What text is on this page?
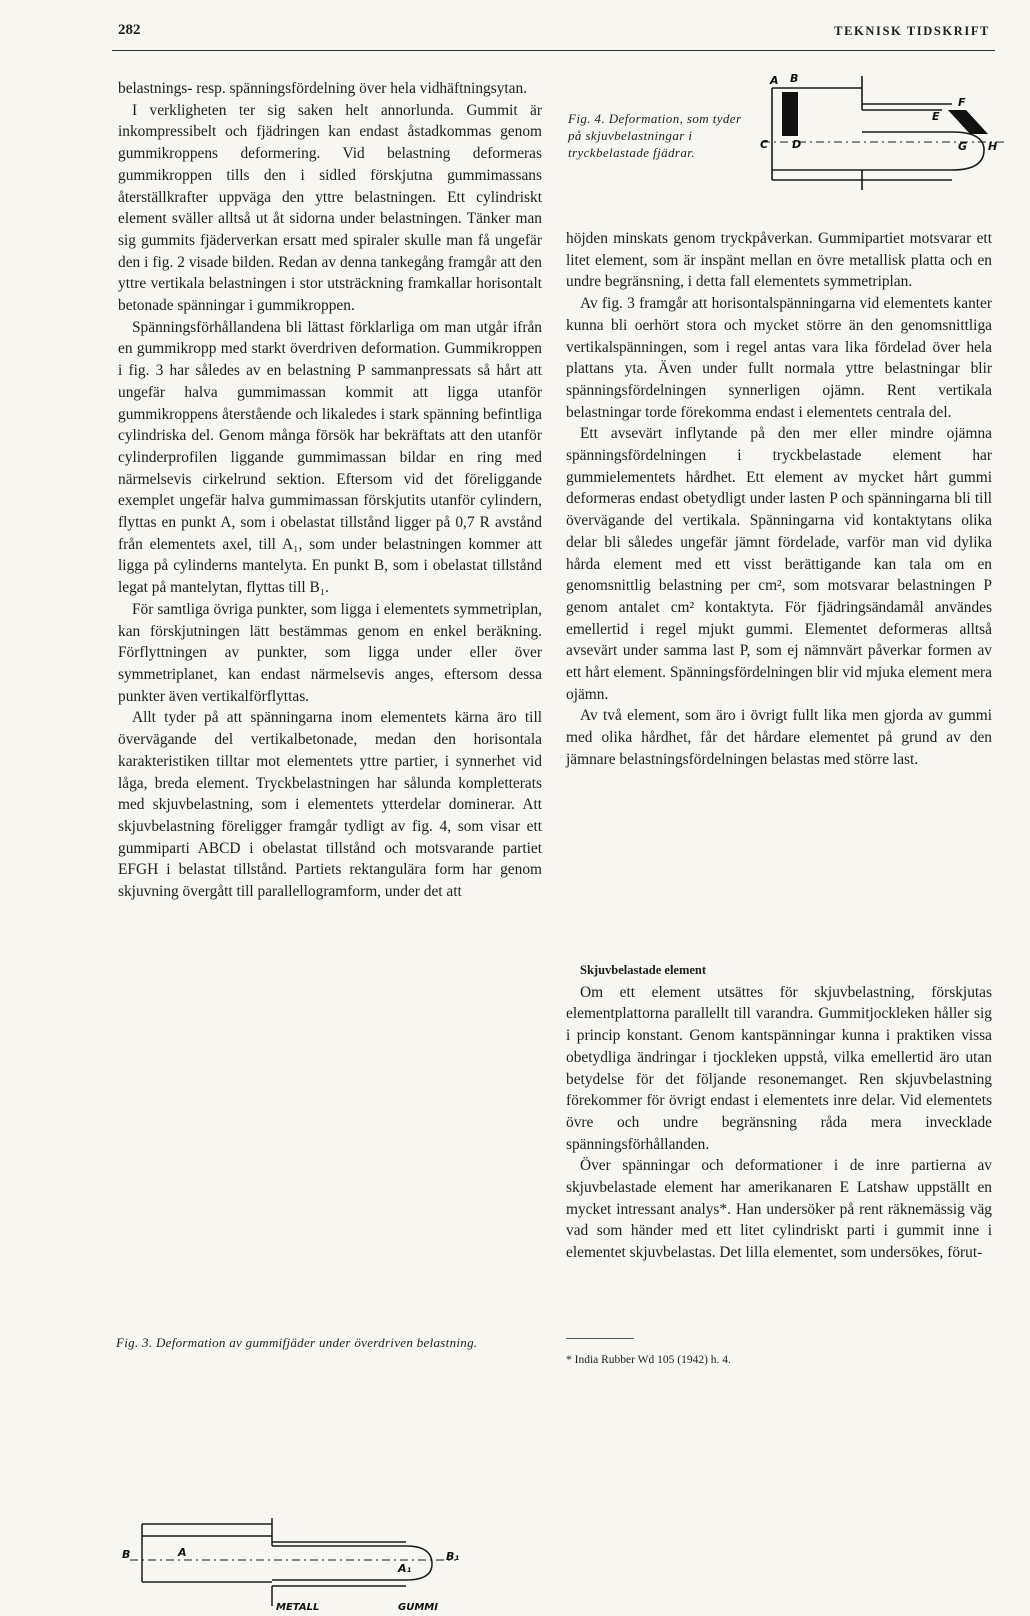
282	TEKNISK TIDSKRIFT

belastnings- resp. spänningsfördelning över hela vidhäftningsytan.

I verkligheten ter sig saken helt annorlunda. Gummit är inkompressibelt och fjädringen kan endast åstadkommas genom gummikroppens deformering. Vid belastning deformeras gummikroppen tills den i sidled förskjutna gummimassans återställkrafter uppväga den yttre belastningen. Ett cylindriskt element sväller alltså ut åt sidorna under belastningen. Tänker man sig gummits fjäderverkan ersatt med spiraler skulle man få ungefär den i fig. 2 visade bilden. Redan av denna tankegång framgår att den yttre vertikala belastningen i stor utsträckning framkallar horisontalt betonade spänningar i gummikroppen.

Spänningsförhållandena bli lättast förklarliga om man utgår ifrån en gummikropp med starkt överdriven deformation. Gummikroppen i fig. 3 har således av en belastning P sammanpressats så hårt att ungefär halva gummimassan kommit att ligga utanför gummikroppens återstående och likaledes i stark spänning befintliga cylindriska del. Genom många försök har bekräftats att den utanför cylinderprofilen liggande gummimassan bildar en ring med närmelsevis cirkelrund sektion. Eftersom vid det föreliggande exemplet ungefär halva gummimassan förskjutits utanför cylindern, flyttas en punkt A, som i obelastat tillstånd ligger på 0,7 R avstånd från elementets axel, till A₁, som under belastningen kommer att ligga på cylinderns mantelyta. En punkt B, som i obelastat tillstånd legat på mantelytan, flyttas till B₁.

För samtliga övriga punkter, som ligga i elementets symmetriplan, kan förskjutningen lätt bestämmas genom en enkel beräkning. Förflyttningen av punkter, som ligga under eller över symmetriplanet, kan endast närmelsevis anges, eftersom dessa punkter även vertikalförflyttas.

Allt tyder på att spänningarna inom elementets kärna äro till övervägande del vertikalbetonade, medan den horisontala karakteristiken tilltar mot elementets yttre partier, i synnerhet vid låga, breda element. Tryckbelastningen har sålunda kompletterats med skjuvbelastning, som i elementets ytterdelar dominerar. Att skjuvbelastning föreligger framgår tydligt av fig. 4, som visar ett gummiparti ABCD i obelastat tillstånd och motsvarande partiet EFGH i belastat tillstånd. Partiets rektangulära form har genom skjuvning övergått till parallellogramform, under det att

Fig. 4. Deformation, som tyder på skjuvbelastningar i tryckbelastade fjädrar.
A B
C D
E
F
G H

höjden minskats genom tryckpåverkan. Gummipartiet motsvarar ett litet element, som är inspänt mellan en övre metallisk platta och en undre begränsning, i detta fall elementets symmetriplan.

Av fig. 3 framgår att horisontalspänningarna vid elementets kanter kunna bli oerhört stora och mycket större än den genomsnittliga vertikalspänningen, som i regel antas vara lika fördelad över hela plattans yta. Även under fullt normala yttre belastningar blir spänningsfördelningen synnerligen ojämn. Rent vertikala belastningar torde förekomma endast i elementets centrala del.

Ett avsevärt inflytande på den mer eller mindre ojämna spänningsfördelningen i tryckbelastade element har gummielementets hårdhet. Ett element av mycket hårt gummi deformeras endast obetydligt under lasten P och spänningarna bli till övervägande del vertikala. Spänningarna vid kontaktytans olika delar bli således ungefär jämnt fördelade, varför man vid dylika hårda element med ett visst berättigande kan tala om en genomsnittlig belastning per cm², som motsvarar belastningen P genom antalet cm² kontaktyta. För fjädringsändamål användes emellertid i regel mjukt gummi. Elementet deformeras alltså avsevärt under samma last P, som ej nämnvärt påverkar formen av ett hårt element. Spänningsfördelningen blir vid mjuka element mera ojämn.

Av två element, som äro i övrigt fullt lika men gjorda av gummi med olika hårdhet, får det hårdare elementet på grund av den jämnare belastningsfördelningen belastas med större last.

Skjuvbelastade element

Om ett element utsättes för skjuvbelastning, förskjutas elementplattorna parallellt till varandra. Gummitjockleken håller sig i princip konstant. Genom kantspänningar kunna i praktiken vissa obetydliga ändringar i tjockleken uppstå, vilka emellertid äro utan betydelse för det följande resonemanget. Ren skjuvbelastning förekommer för övrigt endast i elementets inre delar. Vid elementets övre och undre begränsning råda mera invecklade spänningsförhållanden.

Över spänningar och deformationer i de inre partierna av skjuvbelastade element har amerikanaren E Latshaw uppställt en mycket intressant analys*. Han undersöker på rent räknemässig väg vad som händer med ett litet cylindriskt parti i gummit inne i elementet skjuvbelastas. Det lilla elementet, som undersökes, förut-

B	A
A₁
B₁
METALL	GUMMI
Fig. 3. Deformation av gummifjäder under överdriven belastning.
* India Rubber Wd 105 (1942) h. 4.
